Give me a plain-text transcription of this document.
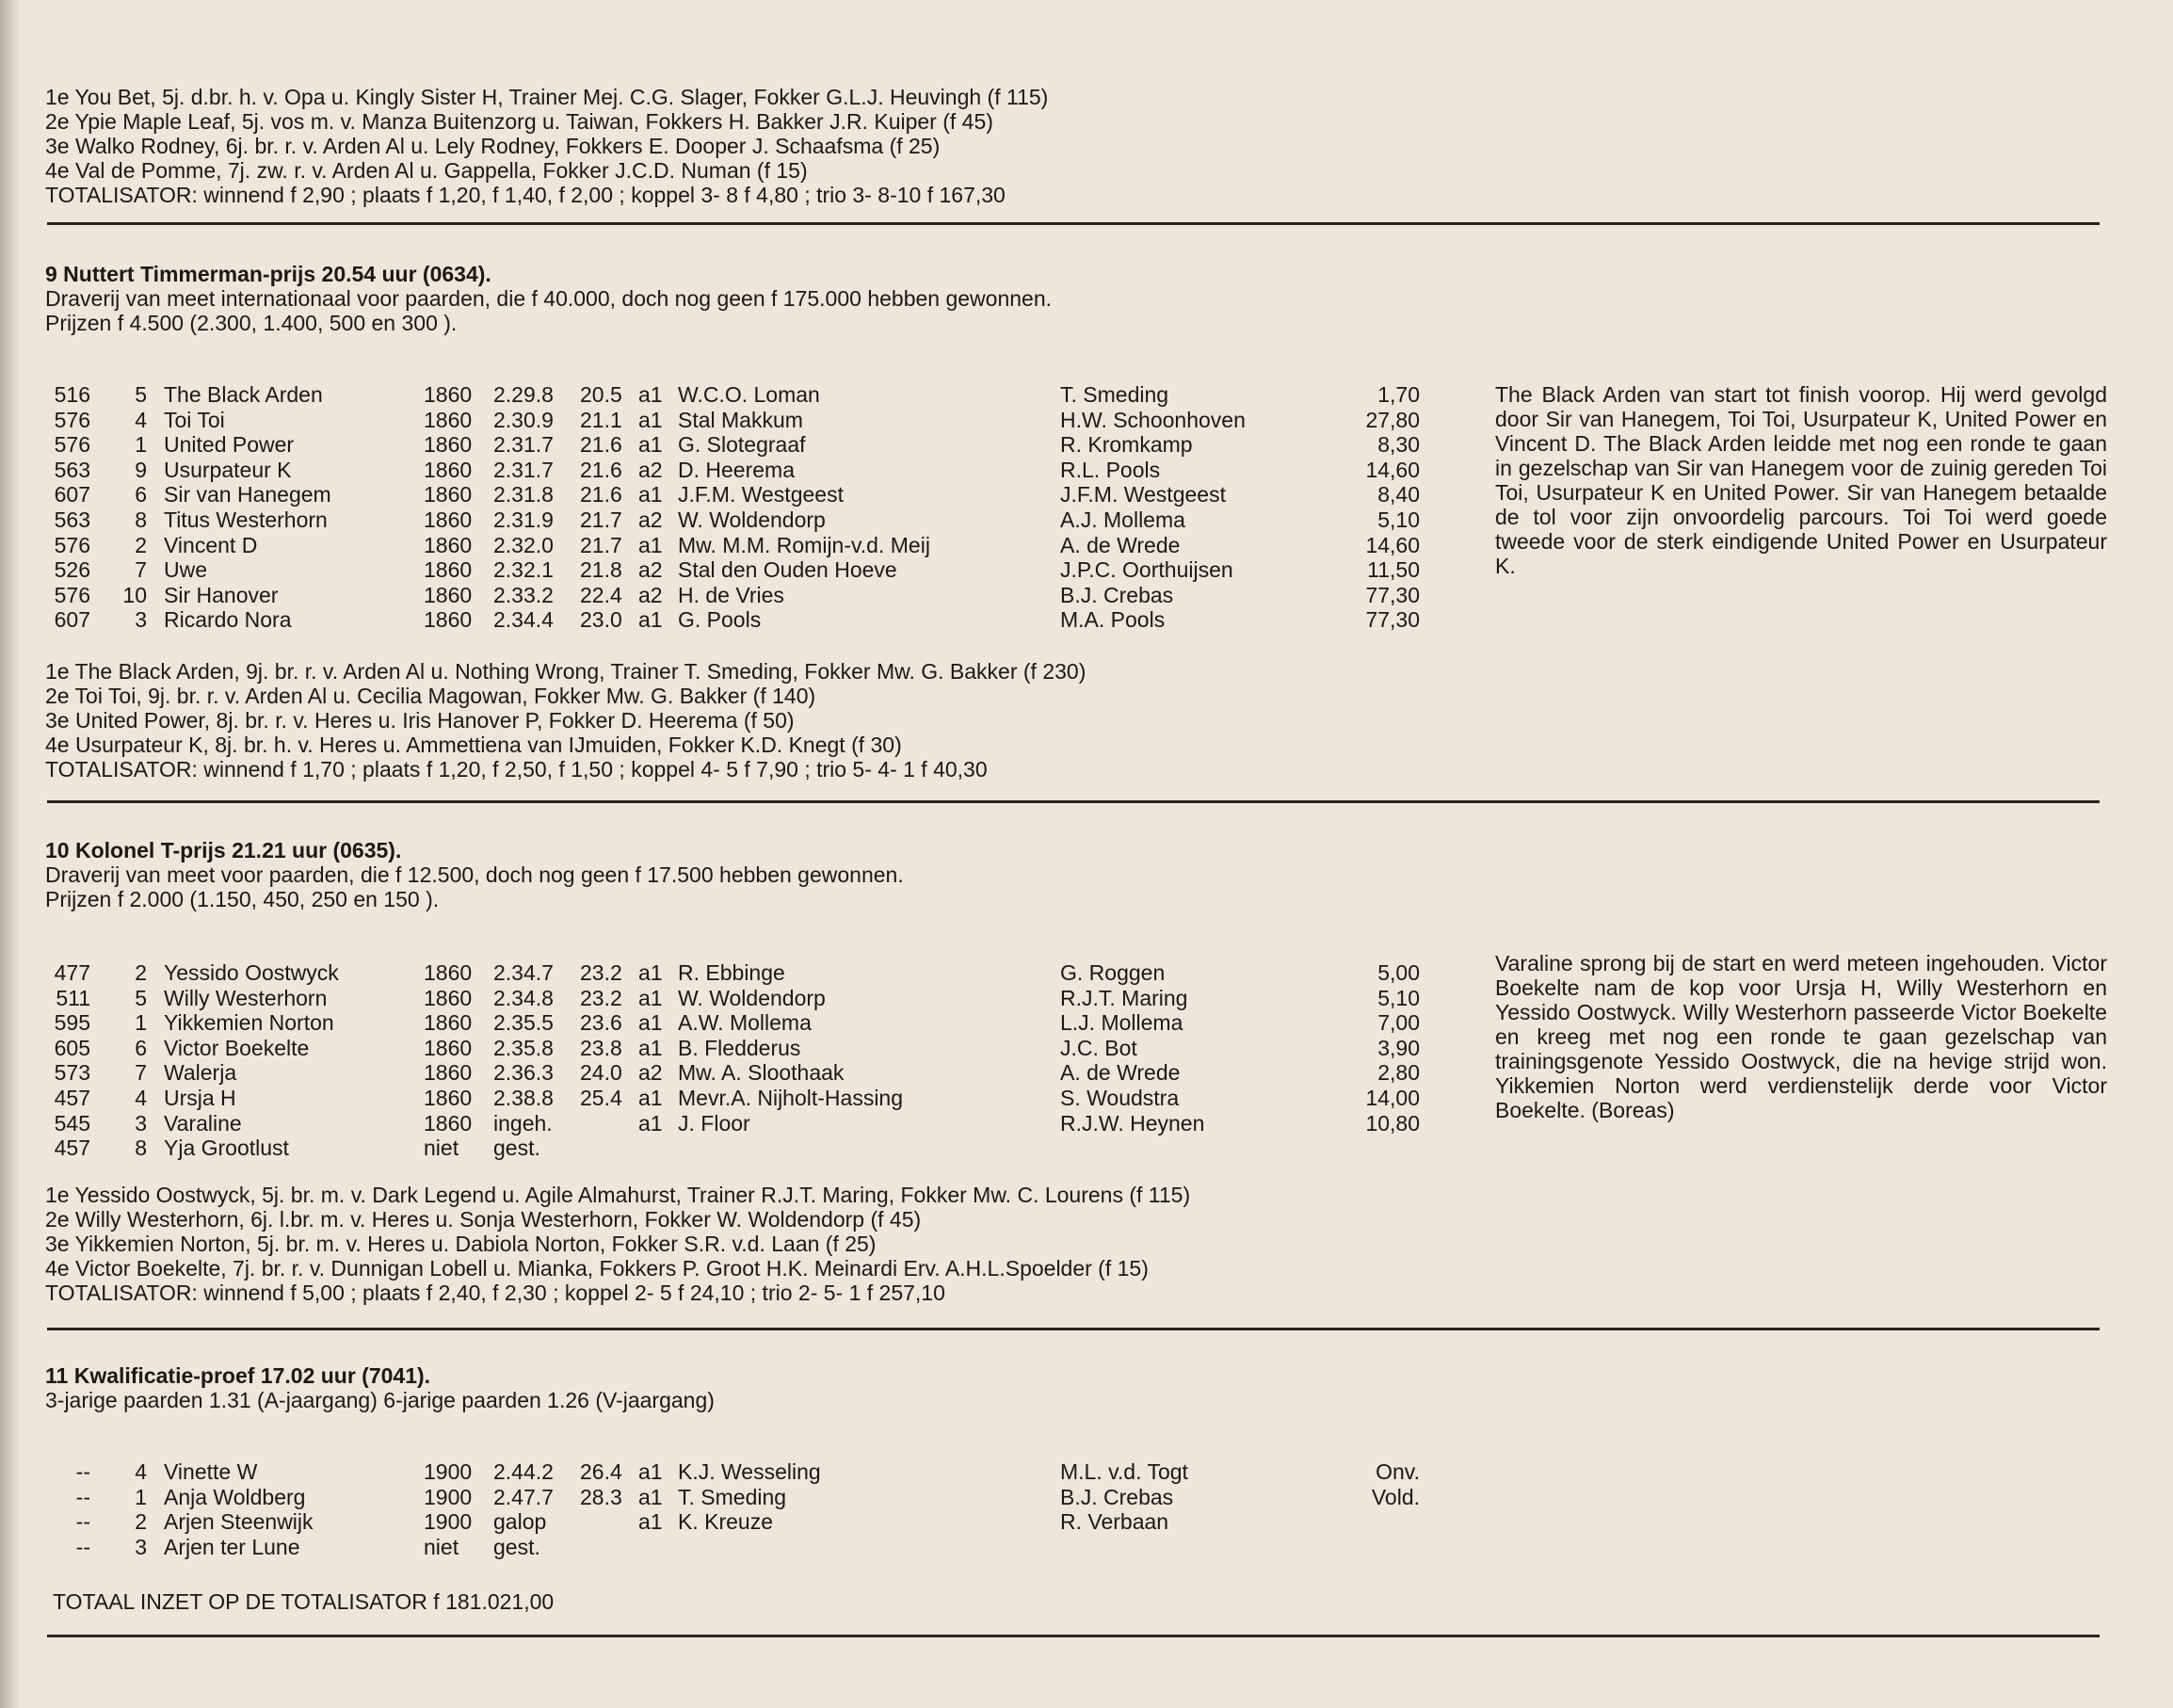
1e You Bet, 5j. d.br. h. v. Opa u. Kingly Sister H, Trainer Mej. C.G. Slager, Fokker G.L.J. Heuvingh (f 115)
2e Ypie Maple Leaf, 5j. vos m. v. Manza Buitenzorg u. Taiwan, Fokkers H. Bakker J.R. Kuiper (f 45)
3e Walko Rodney, 6j. br. r. v. Arden Al u. Lely Rodney, Fokkers E. Dooper J. Schaafsma (f 25)
4e Val de Pomme, 7j. zw. r. v. Arden Al u. Gappella, Fokker J.C.D. Numan (f 15)
TOTALISATOR: winnend f 2,90 ; plaats f 1,20, f 1,40, f 2,00 ; koppel 3- 8 f 4,80 ; trio 3- 8-10 f 167,30
9 Nuttert Timmerman-prijs 20.54 uur (0634).
Draverij van meet internationaal voor paarden, die f 40.000, doch nog geen f 175.000 hebben gewonnen.
Prijzen f 4.500 (2.300, 1.400, 500 en 300 ).
516	5 The Black Arden	1860 2.29.8 20.5 a1 W.C.O. Loman	T. Smeding	1,70
576	4 Toi Toi	1860 2.30.9 21.1 a1 Stal Makkum	H.W. Schoonhoven	27,80
576	1 United Power	1860 2.31.7 21.6 a1 G. Slotegraaf	R. Kromkamp	8,30
563	9 Usurpateur K	1860 2.31.7 21.6 a2 D. Heerema	R.L. Pools	14,60
607	6 Sir van Hanegem	1860 2.31.8 21.6 a1 J.F.M. Westgeest	J.F.M. Westgeest	8,40
563	8 Titus Westerhorn	1860 2.31.9 21.7 a2 W. Woldendorp	A.J. Mollema	5,10
576	2 Vincent D	1860 2.32.0 21.7 a1 Mw. M.M. Romijn-v.d. Meij	A. de Wrede	14,60
526	7 Uwe	1860 2.32.1 21.8 a2 Stal den Ouden Hoeve	J.P.C. Oorthuijsen	11,50
576	10 Sir Hanover	1860 2.33.2 22.4 a2 H. de Vries	B.J. Crebas	77,30
607	3 Ricardo Nora	1860 2.34.4 23.0 a1 G. Pools	M.A. Pools	77,30
The Black Arden van start tot finish voorop. Hij werd gevolgd door Sir van Hanegem, Toi Toi, Usurpateur K, United Power en Vincent D. The Black Arden leidde met nog een ronde te gaan in gezelschap van Sir van Hanegem voor de zuinig gereden Toi Toi, Usurpateur K en United Power. Sir van Hanegem betaalde de tol voor zijn onvoordelig parcours. Toi Toi werd goede tweede voor de sterk eindigende United Power en Usurpateur K.
1e The Black Arden, 9j. br. r. v. Arden Al u. Nothing Wrong, Trainer T. Smeding, Fokker Mw. G. Bakker (f 230)
2e Toi Toi, 9j. br. r. v. Arden Al u. Cecilia Magowan, Fokker Mw. G. Bakker (f 140)
3e United Power, 8j. br. r. v. Heres u. Iris Hanover P, Fokker D. Heerema (f 50)
4e Usurpateur K, 8j. br. h. v. Heres u. Ammettiena van IJmuiden, Fokker K.D. Knegt (f 30)
TOTALISATOR: winnend f 1,70 ; plaats f 1,20, f 2,50, f 1,50 ; koppel 4- 5 f 7,90 ; trio 5- 4- 1 f 40,30
10 Kolonel T-prijs 21.21 uur (0635).
Draverij van meet voor paarden, die f 12.500, doch nog geen f 17.500 hebben gewonnen.
Prijzen f 2.000 (1.150, 450, 250 en 150 ).
477	2 Yessido Oostwyck	1860 2.34.7 23.2 a1 R. Ebbinge	G. Roggen	5,00
511	5 Willy Westerhorn	1860 2.34.8 23.2 a1 W. Woldendorp	R.J.T. Maring	5,10
595	1 Yikkemien Norton	1860 2.35.5 23.6 a1 A.W. Mollema	L.J. Mollema	7,00
605	6 Victor Boekelte	1860 2.35.8 23.8 a1 B. Fledderus	J.C. Bot	3,90
573	7 Walerja	1860 2.36.3 24.0 a2 Mw. A. Sloothaak	A. de Wrede	2,80
457	4 Ursja H	1860 2.38.8 25.4 a1 Mevr.A. Nijholt-Hassing	S. Woudstra	14,00
545	3 Varaline	1860 ingeh.	a1 J. Floor	R.J.W. Heynen	10,80
457	8 Yja Grootlust	niet gest.
Varaline sprong bij de start en werd meteen ingehouden. Victor Boekelte nam de kop voor Ursja H, Willy Westerhorn en Yessido Oostwyck. Willy Westerhorn passeerde Victor Boekelte en kreeg met nog een ronde te gaan gezelschap van trainingsgenote Yessido Oostwyck, die na hevige strijd won. Yikkemien Norton werd verdienstelijk derde voor Victor Boekelte. (Boreas)
1e Yessido Oostwyck, 5j. br. m. v. Dark Legend u. Agile Almahurst, Trainer R.J.T. Maring, Fokker Mw. C. Lourens (f 115)
2e Willy Westerhorn, 6j. l.br. m. v. Heres u. Sonja Westerhorn, Fokker W. Woldendorp (f 45)
3e Yikkemien Norton, 5j. br. m. v. Heres u. Dabiola Norton, Fokker S.R. v.d. Laan (f 25)
4e Victor Boekelte, 7j. br. r. v. Dunnigan Lobell u. Mianka, Fokkers P. Groot H.K. Meinardi Erv. A.H.L.Spoelder (f 15)
TOTALISATOR: winnend f 5,00 ; plaats f 2,40, f 2,30 ; koppel 2- 5 f 24,10 ; trio 2- 5- 1 f 257,10
11 Kwalificatie-proef 17.02 uur (7041).
3-jarige paarden 1.31 (A-jaargang) 6-jarige paarden 1.26 (V-jaargang)
--	4 Vinette W	1900 2.44.2 26.4 a1 K.J. Wesseling	M.L. v.d. Togt	Onv.
--	1 Anja Woldberg	1900 2.47.7 28.3 a1 T. Smeding	B.J. Crebas	Vold.
--	2 Arjen Steenwijk	1900 galop	a1 K. Kreuze	R. Verbaan
--	3 Arjen ter Lune	niet gest.
TOTAAL INZET OP DE TOTALISATOR f 181.021,00
